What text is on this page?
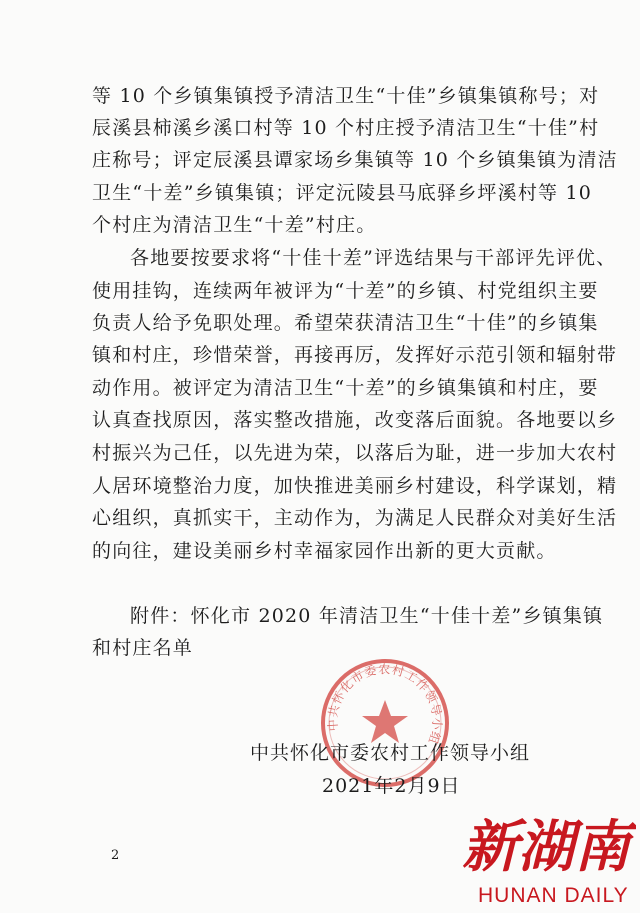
等 10 个乡镇集镇授予清洁卫生“十佳”乡镇集镇称号；对
辰溪县柿溪乡溪口村等 10 个村庄授予清洁卫生“十佳”村
庄称号；评定辰溪县谭家场乡集镇等 10 个乡镇集镇为清洁
卫生“十差”乡镇集镇；评定沅陵县马底驿乡坪溪村等 10
个村庄为清洁卫生“十差”村庄。
各地要按要求将“十佳十差”评选结果与干部评先评优、
使用挂钩，连续两年被评为“十差”的乡镇、村党组织主要
负责人给予免职处理。希望荣获清洁卫生“十佳”的乡镇集
镇和村庄，珍惜荣誉，再接再厉，发挥好示范引领和辐射带
动作用。被评定为清洁卫生“十差”的乡镇集镇和村庄，要
认真查找原因，落实整改措施，改变落后面貌。各地要以乡
村振兴为己任，以先进为荣，以落后为耻，进一步加大农村
人居环境整治力度，加快推进美丽乡村建设，科学谋划，精
心组织，真抓实干，主动作为，为满足人民群众对美好生活
的向往，建设美丽乡村幸福家园作出新的更大贡献。
附件：怀化市 2020 年清洁卫生“十佳十差”乡镇集镇
和村庄名单
中共怀化市委农村工作领导小组
中共怀化市委农村工作领导小组
2021年2月9日
2	新湖南
HUNAN DAILY
